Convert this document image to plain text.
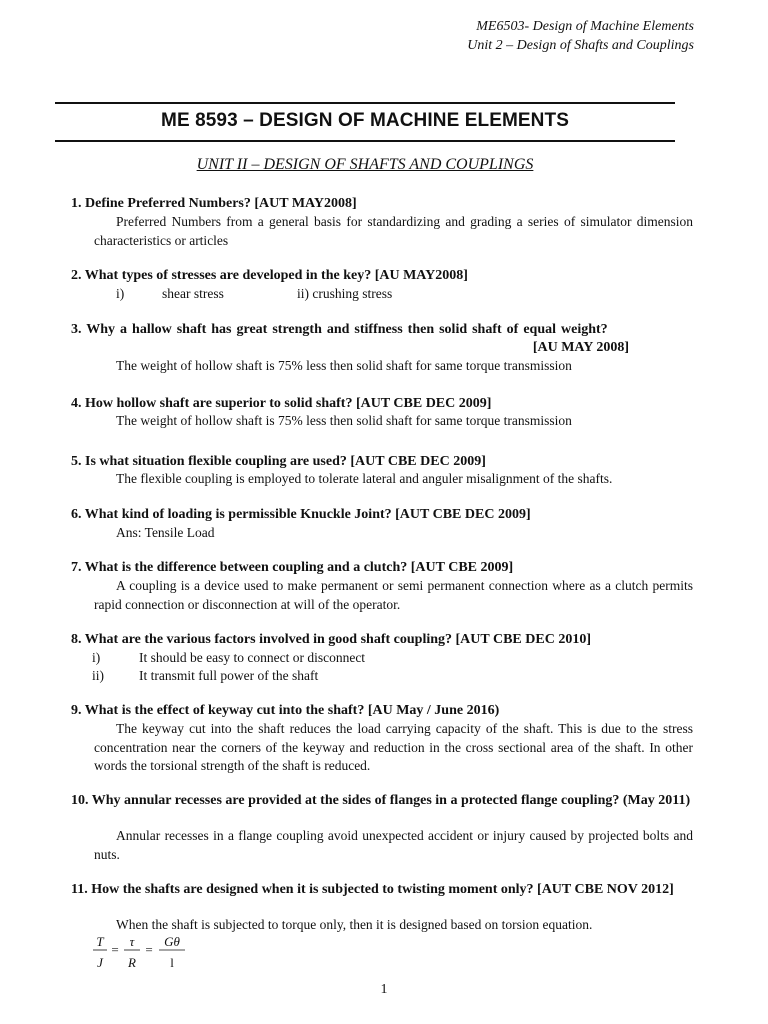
ME6503- Design of Machine Elements
Unit 2 – Design of Shafts and Couplings
ME 8593 – DESIGN OF MACHINE ELEMENTS
UNIT II – DESIGN OF SHAFTS AND COUPLINGS
1. Define Preferred Numbers? [AUT MAY2008]
Preferred Numbers from a general basis for standardizing and grading a series of simulator dimension characteristics or articles
2. What types of stresses are developed in the key? [AU MAY2008]
i)	shear stress	ii) crushing stress
3. Why a hallow shaft has great strength and stiffness then solid shaft of equal weight?
[AU MAY 2008]
The weight of hollow shaft is 75% less then solid shaft for same torque transmission
4. How hollow shaft are superior to solid shaft? [AUT CBE DEC 2009]
The weight of hollow shaft is 75% less then solid shaft for same torque transmission
5. Is what situation flexible coupling are used? [AUT CBE DEC 2009]
The flexible coupling is employed to tolerate lateral and anguler misalignment of the shafts.
6. What kind of loading is permissible Knuckle Joint? [AUT CBE DEC 2009]
Ans: Tensile Load
7. What is the difference between coupling and a clutch? [AUT CBE 2009]
A coupling is a device used to make permanent or semi permanent connection where as a clutch permits rapid connection or disconnection at will of the operator.
8. What are the various factors involved in good shaft coupling? [AUT CBE DEC 2010]
i)	It should be easy to connect or disconnect
ii)	It transmit full power of the shaft
9. What is the effect of keyway cut into the shaft? [AU May / June 2016)
The keyway cut into the shaft reduces the load carrying capacity of the shaft. This is due to the stress concentration near the corners of the keyway and reduction in the cross sectional area of the shaft. In other words the torsional strength of the shaft is reduced.
10. Why annular recesses are provided at the sides of flanges in a protected flange coupling? (May 2011)
Annular recesses in a flange coupling avoid unexpected accident or injury caused by projected bolts and nuts.
11. How the shafts are designed when it is subjected to twisting moment only? [AUT CBE NOV 2012]
When the shaft is subjected to torque only, then it is designed based on torsion equation.
T
J
=
τ
R
=
Gθ
l
1
